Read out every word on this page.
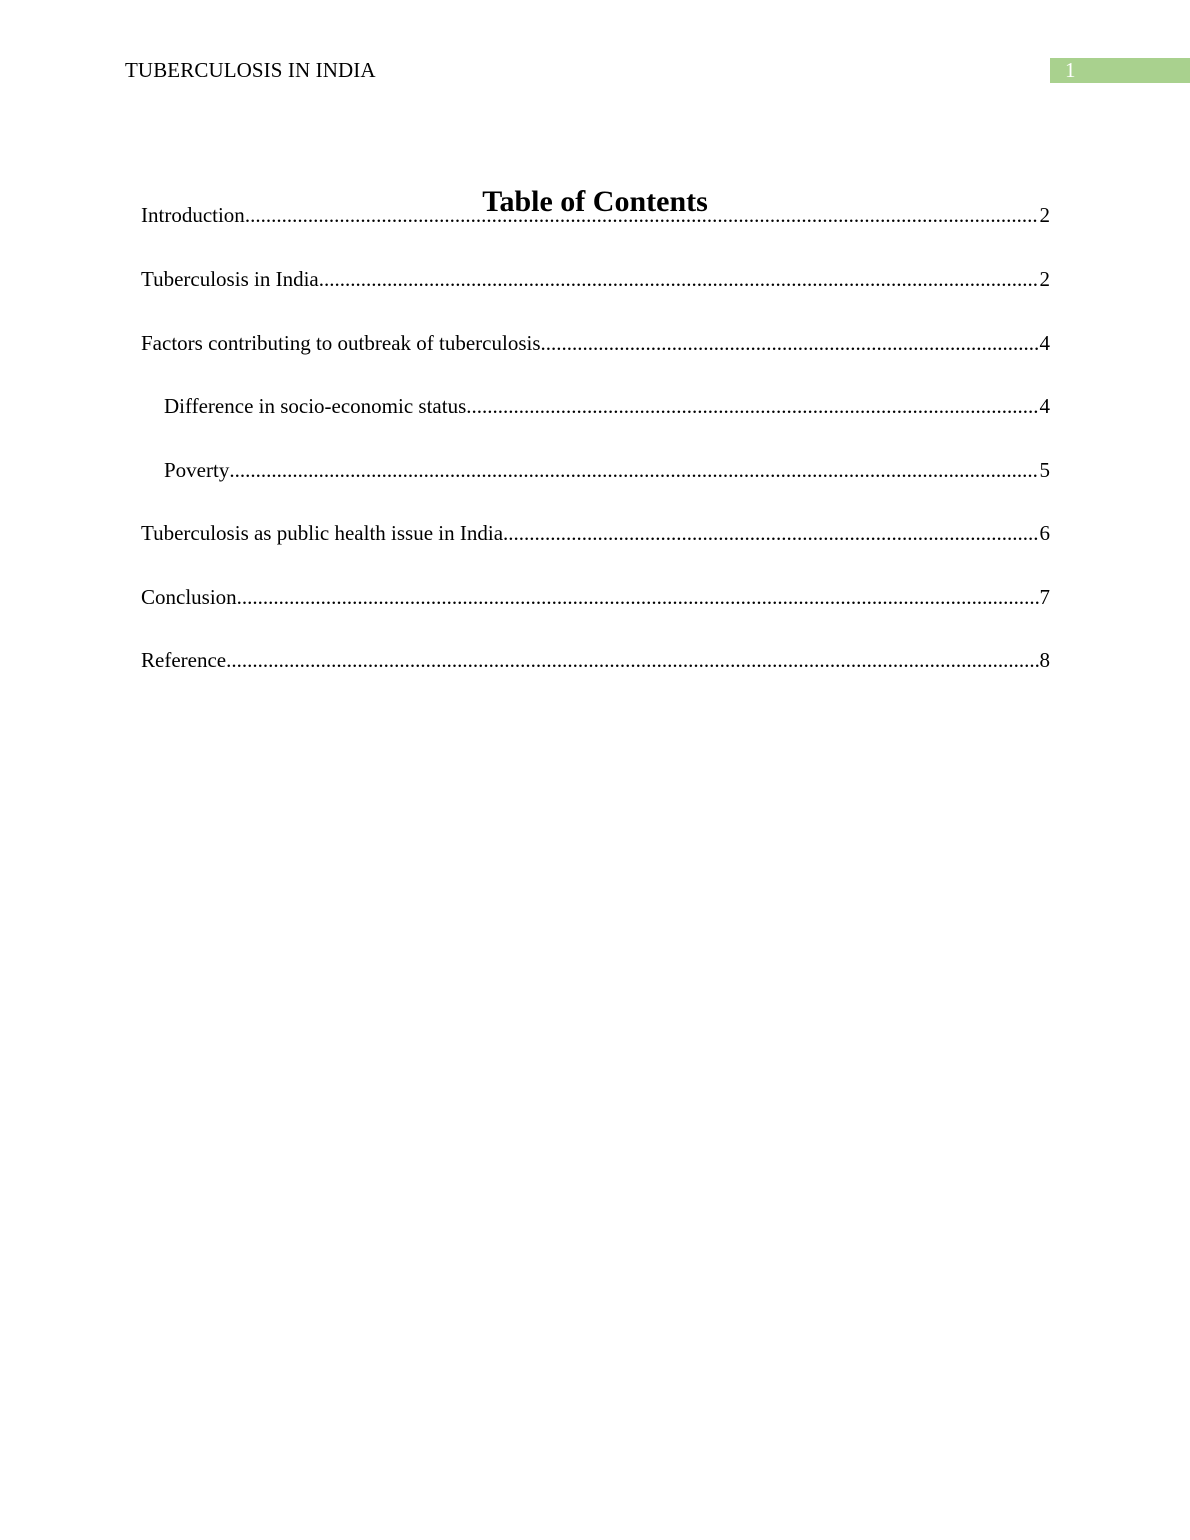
TUBERCULOSIS IN INDIA	1
Table of Contents
Introduction .....	2
Tuberculosis in India .....	2
Factors contributing to outbreak of tuberculosis .....	4
Difference in socio-economic status .....	4
Poverty .....	5
Tuberculosis as public health issue in India .....	6
Conclusion .....	7
Reference .....	8
